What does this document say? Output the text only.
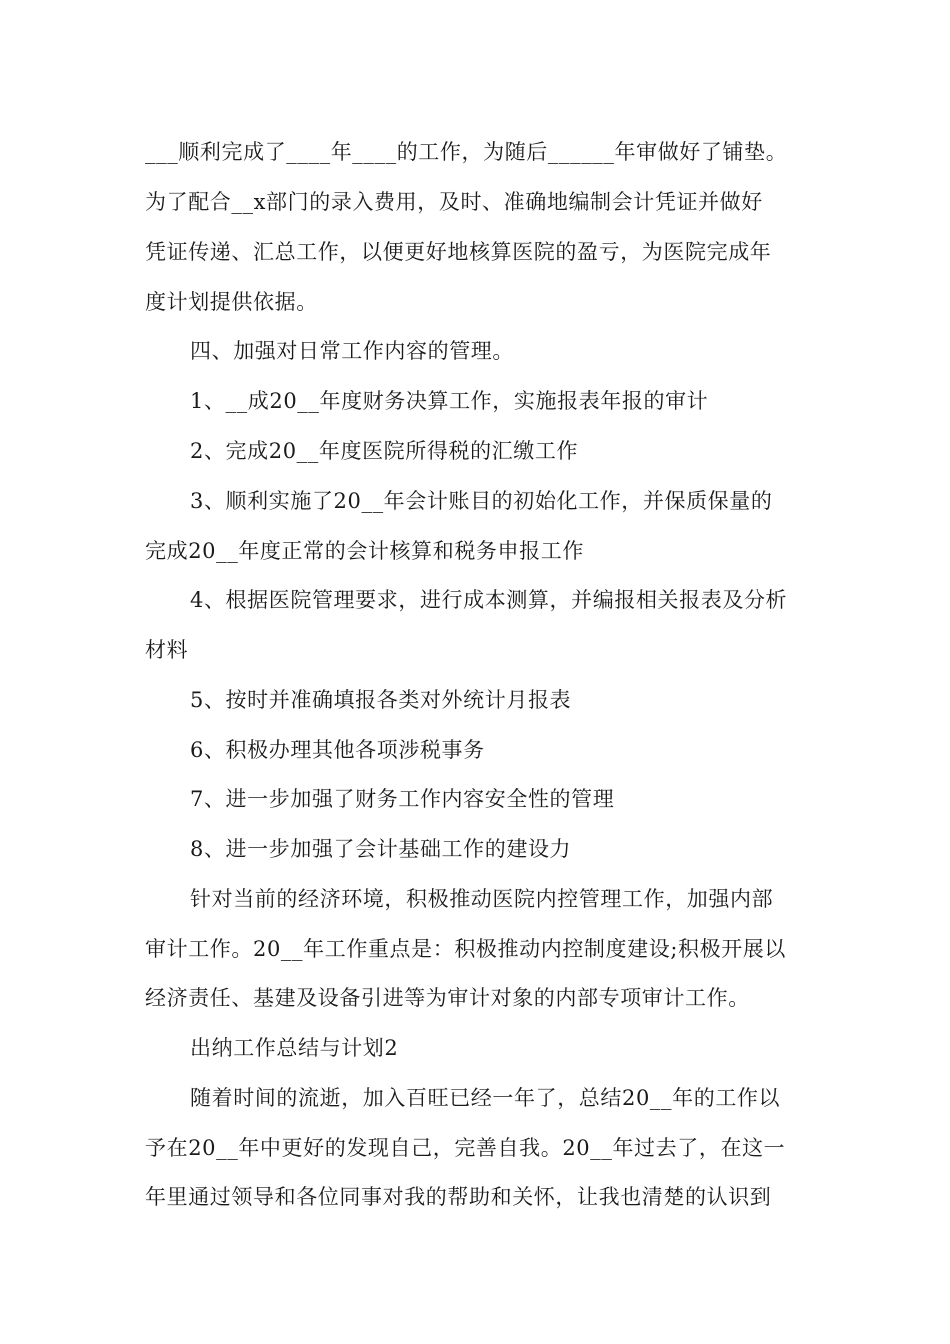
___顺利完成了____年____的工作，为随后______年审做好了铺垫。
为了配合__x部门的录入费用，及时、准确地编制会计凭证并做好
凭证传递、汇总工作，以便更好地核算医院的盈亏，为医院完成年
度计划提供依据。
四、加强对日常工作内容的管理。
1、__成20__年度财务决算工作，实施报表年报的审计
2、完成20__年度医院所得税的汇缴工作
3、顺利实施了20__年会计账目的初始化工作，并保质保量的
完成20__年度正常的会计核算和税务申报工作
4、根据医院管理要求，进行成本测算，并编报相关报表及分析
材料
5、按时并准确填报各类对外统计月报表
6、积极办理其他各项涉税事务
7、进一步加强了财务工作内容安全性的管理
8、进一步加强了会计基础工作的建设力
针对当前的经济环境，积极推动医院内控管理工作，加强内部
审计工作。20__年工作重点是：积极推动内控制度建设;积极开展以
经济责任、基建及设备引进等为审计对象的内部专项审计工作。
出纳工作总结与计划2
随着时间的流逝，加入百旺已经一年了，总结20__年的工作以
予在20__年中更好的发现自己，完善自我。20__年过去了，在这一
年里通过领导和各位同事对我的帮助和关怀，让我也清楚的认识到
